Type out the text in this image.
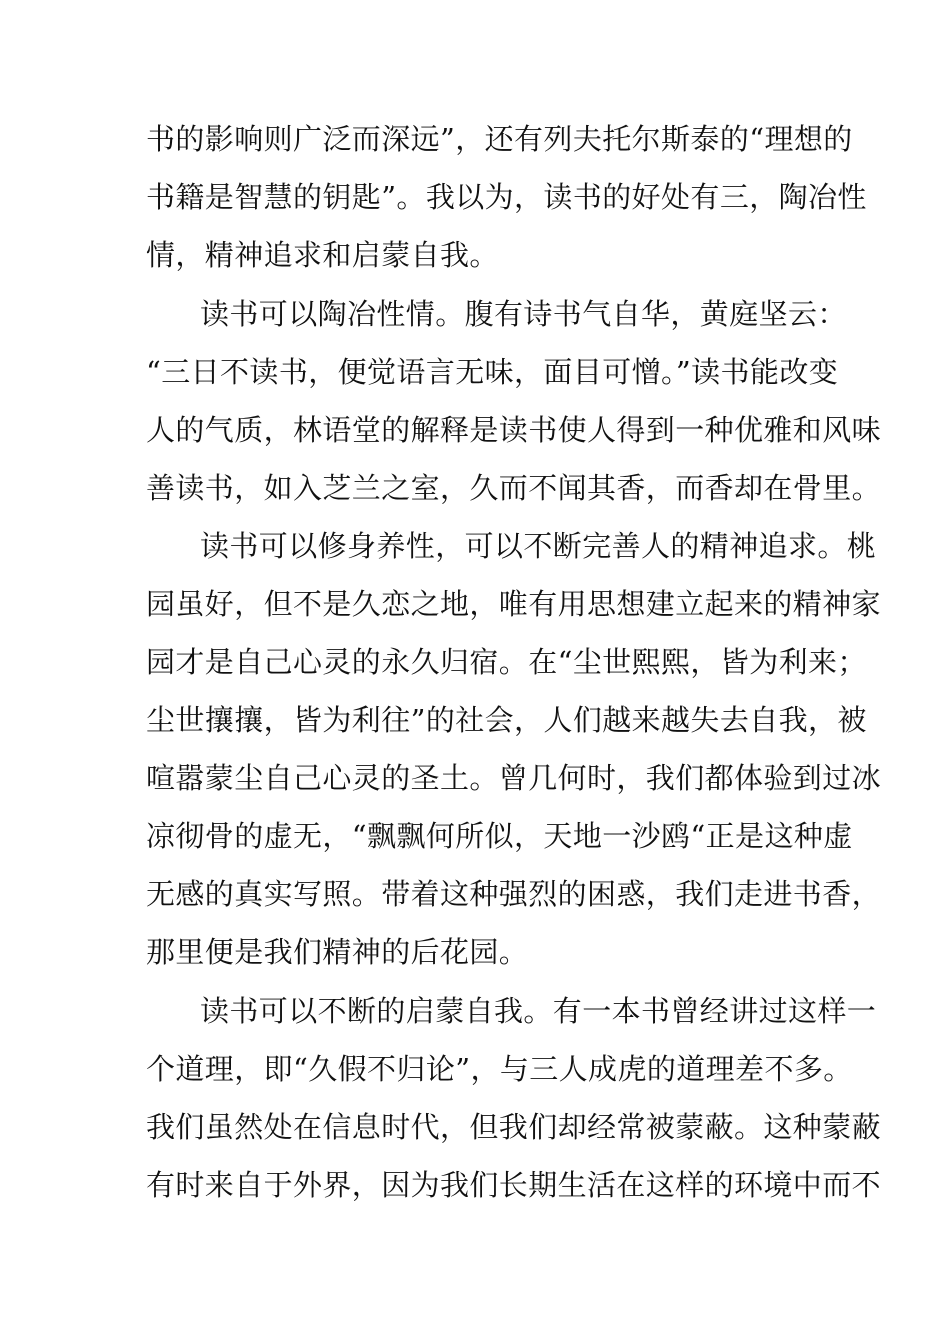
书的影响则广泛而深远”，还有列夫托尔斯泰的“理想的
书籍是智慧的钥匙”。我以为，读书的好处有三，陶冶性
情，精神追求和启蒙自我。
读书可以陶冶性情。腹有诗书气自华，黄庭坚云：
“三日不读书，便觉语言无味，面目可憎。”读书能改变
人的气质，林语堂的解释是读书使人得到一种优雅和风味
善读书，如入芝兰之室，久而不闻其香，而香却在骨里。
读书可以修身养性，可以不断完善人的精神追求。桃
园虽好，但不是久恋之地，唯有用思想建立起来的精神家
园才是自己心灵的永久归宿。在“尘世熙熙，皆为利来；
尘世攘攘，皆为利往”的社会，人们越来越失去自我，被
喧嚣蒙尘自己心灵的圣土。曾几何时，我们都体验到过冰
凉彻骨的虚无，“飘飘何所似，天地一沙鸥“正是这种虚
无感的真实写照。带着这种强烈的困惑，我们走进书香，
那里便是我们精神的后花园。
读书可以不断的启蒙自我。有一本书曾经讲过这样一
个道理，即“久假不归论”，与三人成虎的道理差不多。
我们虽然处在信息时代，但我们却经常被蒙蔽。这种蒙蔽
有时来自于外界，因为我们长期生活在这样的环境中而不
